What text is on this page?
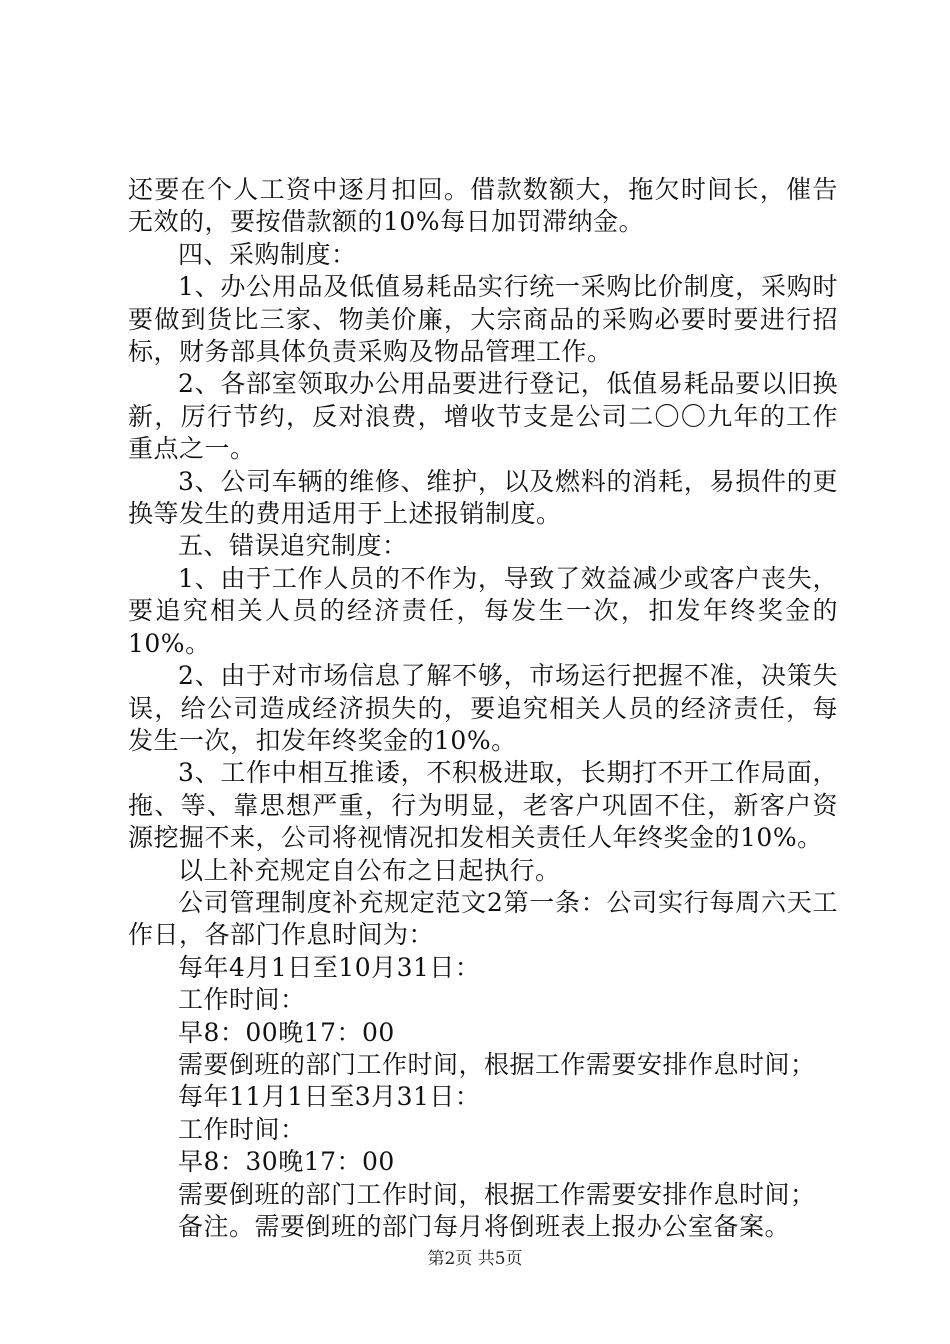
还要在个人工资中逐月扣回。借款数额大，拖欠时间长，催告无效的，要按借款额的10%每日加罚滞纳金。

四、采购制度：

1、办公用品及低值易耗品实行统一采购比价制度，采购时要做到货比三家、物美价廉，大宗商品的采购必要时要进行招标，财务部具体负责采购及物品管理工作。

2、各部室领取办公用品要进行登记，低值易耗品要以旧换新，厉行节约，反对浪费，增收节支是公司二〇〇九年的工作重点之一。

3、公司车辆的维修、维护，以及燃料的消耗，易损件的更换等发生的费用适用于上述报销制度。

五、错误追究制度：

1、由于工作人员的不作为，导致了效益减少或客户丧失，要追究相关人员的经济责任，每发生一次，扣发年终奖金的10%。

2、由于对市场信息了解不够，市场运行把握不准，决策失误，给公司造成经济损失的，要追究相关人员的经济责任，每发生一次，扣发年终奖金的10%。

3、工作中相互推诿，不积极进取，长期打不开工作局面，拖、等、靠思想严重，行为明显，老客户巩固不住，新客户资源挖掘不来，公司将视情况扣发相关责任人年终奖金的10%。

以上补充规定自公布之日起执行。

公司管理制度补充规定范文2第一条：公司实行每周六天工作日，各部门作息时间为：

每年4月1日至10月31日：

工作时间：

早8：00晚17：00

需要倒班的部门工作时间，根据工作需要安排作息时间；

每年11月1日至3月31日：

工作时间：

早8：30晚17：00

需要倒班的部门工作时间，根据工作需要安排作息时间；

备注。需要倒班的部门每月将倒班表上报办公室备案。

第2页 共5页
